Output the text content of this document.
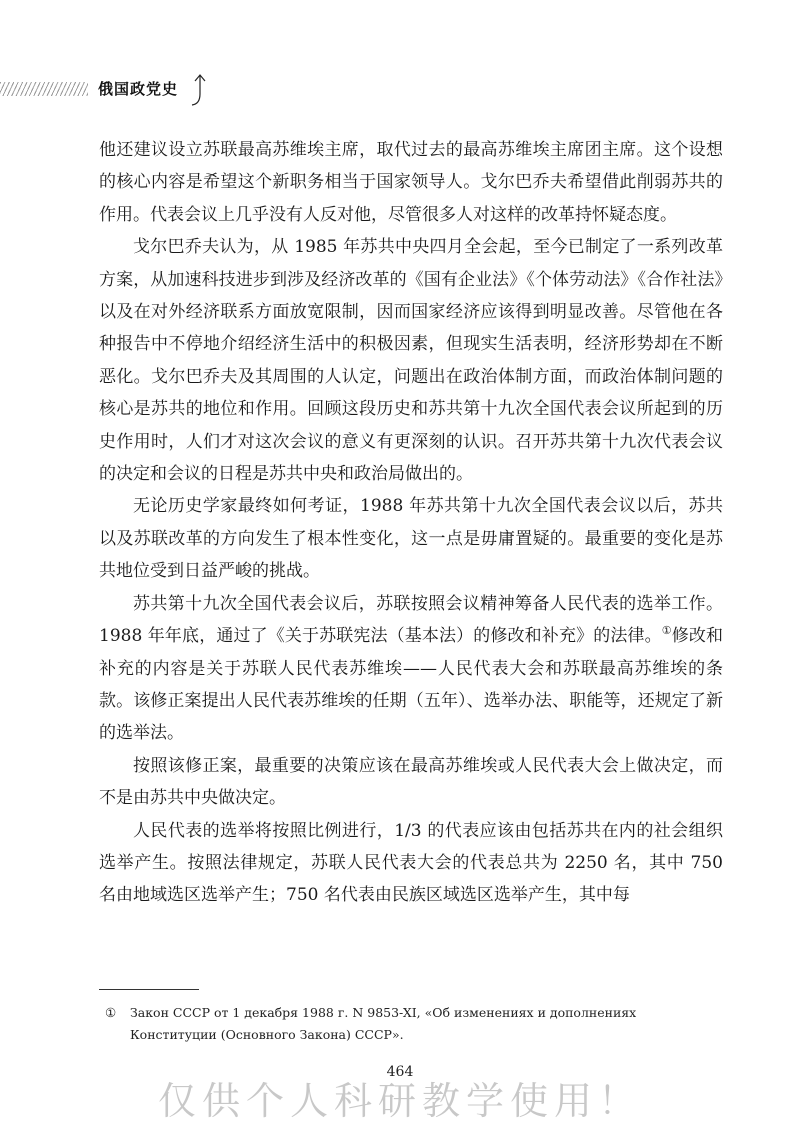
俄国政党史

他还建议设立苏联最高苏维埃主席，取代过去的最高苏维埃主席团主席。这个设想的核心内容是希望这个新职务相当于国家领导人。戈尔巴乔夫希望借此削弱苏共的作用。代表会议上几乎没有人反对他，尽管很多人对这样的改革持怀疑态度。

戈尔巴乔夫认为，从 1985 年苏共中央四月全会起，至今已制定了一系列改革方案，从加速科技进步到涉及经济改革的《国有企业法》《个体劳动法》《合作社法》以及在对外经济联系方面放宽限制，因而国家经济应该得到明显改善。尽管他在各种报告中不停地介绍经济生活中的积极因素，但现实生活表明，经济形势却在不断恶化。戈尔巴乔夫及其周围的人认定，问题出在政治体制方面，而政治体制问题的核心是苏共的地位和作用。回顾这段历史和苏共第十九次全国代表会议所起到的历史作用时，人们才对这次会议的意义有更深刻的认识。召开苏共第十九次代表会议的决定和会议的日程是苏共中央和政治局做出的。

无论历史学家最终如何考证，1988 年苏共第十九次全国代表会议以后，苏共以及苏联改革的方向发生了根本性变化，这一点是毋庸置疑的。最重要的变化是苏共地位受到日益严峻的挑战。

苏共第十九次全国代表会议后，苏联按照会议精神筹备人民代表的选举工作。1988 年年底，通过了《关于苏联宪法（基本法）的修改和补充》的法律。①修改和补充的内容是关于苏联人民代表苏维埃——人民代表大会和苏联最高苏维埃的条款。该修正案提出人民代表苏维埃的任期（五年）、选举办法、职能等，还规定了新的选举法。

按照该修正案，最重要的决策应该在最高苏维埃或人民代表大会上做决定，而不是由苏共中央做决定。

人民代表的选举将按照比例进行，1/3 的代表应该由包括苏共在内的社会组织选举产生。按照法律规定，苏联人民代表大会的代表总共为 2250 名，其中 750 名由地域选区选举产生；750 名代表由民族区域选区选举产生，其中每

① Закон СССР от 1 декабря 1988 г. N 9853-XI, «Об изменениях и дополнениях Конституции (Основного Закона) СССР».
464
仅供个人科研教学使用！
